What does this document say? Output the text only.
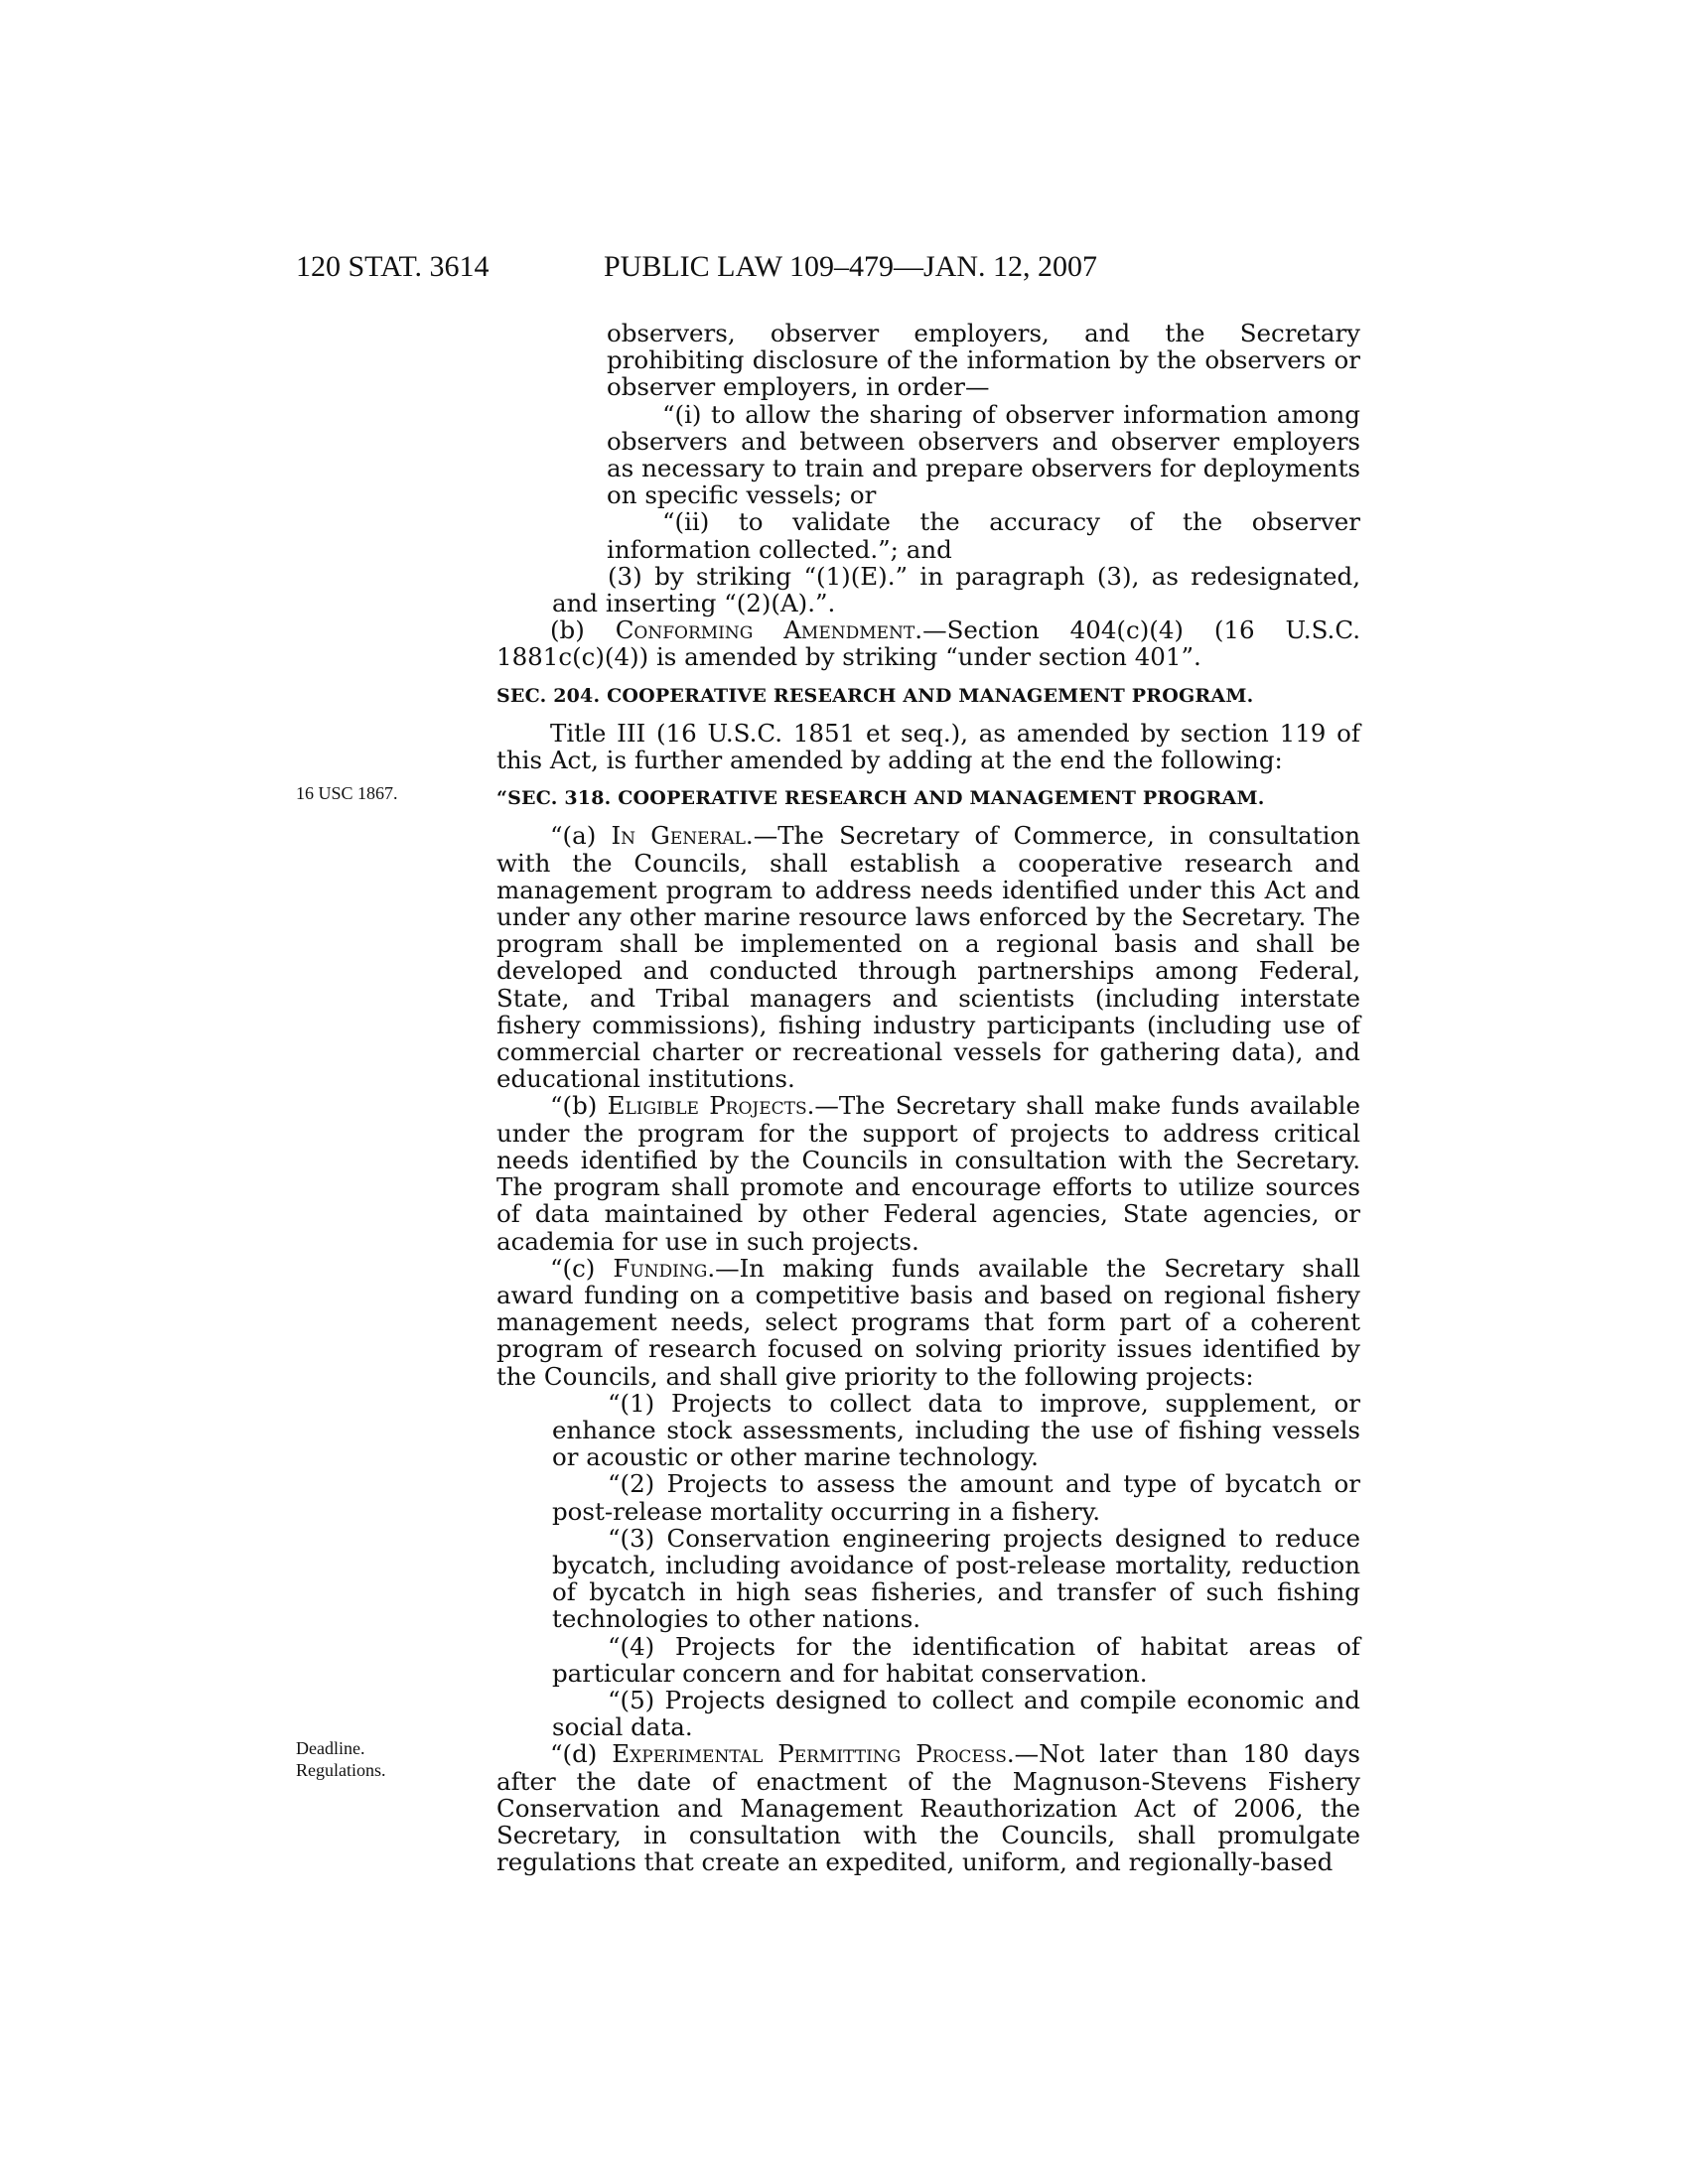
120 STAT. 3614	PUBLIC LAW 109–479—JAN. 12, 2007
16 USC 1867.
Deadline.
Regulations.

observers, observer employers, and the Secretary prohibiting disclosure of the information by the observers or observer employers, in order—

“(i) to allow the sharing of observer information among observers and between observers and observer employers as necessary to train and prepare observers for deployments on specific vessels; or

“(ii) to validate the accuracy of the observer information collected.”; and

(3) by striking “(1)(E).” in paragraph (3), as redesignated, and inserting “(2)(A).”.

(b) Conforming Amendment.—Section 404(c)(4) (16 U.S.C. 1881c(c)(4)) is amended by striking “under section 401”.

SEC. 204. COOPERATIVE RESEARCH AND MANAGEMENT PROGRAM.

Title III (16 U.S.C. 1851 et seq.), as amended by section 119 of this Act, is further amended by adding at the end the following:

“SEC. 318. COOPERATIVE RESEARCH AND MANAGEMENT PROGRAM.

“(a) In General.—The Secretary of Commerce, in consultation with the Councils, shall establish a cooperative research and management program to address needs identified under this Act and under any other marine resource laws enforced by the Secretary. The program shall be implemented on a regional basis and shall be developed and conducted through partnerships among Federal, State, and Tribal managers and scientists (including interstate fishery commissions), fishing industry participants (including use of commercial charter or recreational vessels for gathering data), and educational institutions.

“(b) Eligible Projects.—The Secretary shall make funds available under the program for the support of projects to address critical needs identified by the Councils in consultation with the Secretary. The program shall promote and encourage efforts to utilize sources of data maintained by other Federal agencies, State agencies, or academia for use in such projects.

“(c) Funding.—In making funds available the Secretary shall award funding on a competitive basis and based on regional fishery management needs, select programs that form part of a coherent program of research focused on solving priority issues identified by the Councils, and shall give priority to the following projects:

“(1) Projects to collect data to improve, supplement, or enhance stock assessments, including the use of fishing vessels or acoustic or other marine technology.

“(2) Projects to assess the amount and type of bycatch or post-release mortality occurring in a fishery.

“(3) Conservation engineering projects designed to reduce bycatch, including avoidance of post-release mortality, reduction of bycatch in high seas fisheries, and transfer of such fishing technologies to other nations.

“(4) Projects for the identification of habitat areas of particular concern and for habitat conservation.

“(5) Projects designed to collect and compile economic and social data.

“(d) Experimental Permitting Process.—Not later than 180 days after the date of enactment of the Magnuson-Stevens Fishery Conservation and Management Reauthorization Act of 2006, the Secretary, in consultation with the Councils, shall promulgate regulations that create an expedited, uniform, and regionally-based
